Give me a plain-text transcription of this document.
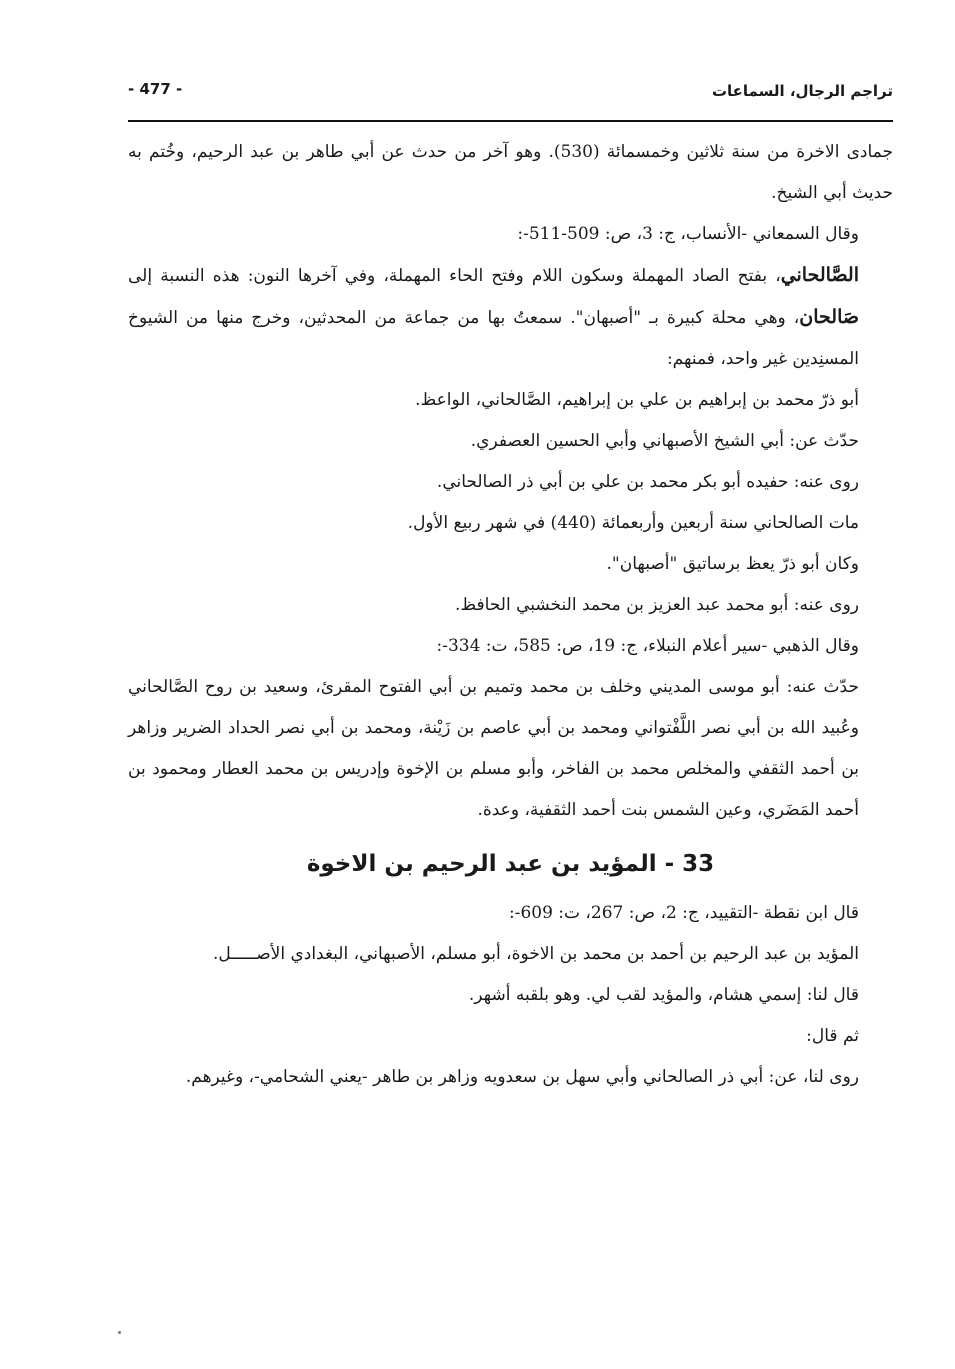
تراجم الرجال، السماعات
- 477 -

جمادى الاخرة من سنة ثلاثين وخمسمائة (530). وهو آخر من حدث عن أبي طاهر بن عبد الرحيم، وخُتم به حديث أبي الشيخ.

وقال السمعاني -الأنساب، ج: 3، ص: 509-511-:

الصَّالحاني، بفتح الصاد المهملة وسكون اللام وفتح الحاء المهملة، وفي آخرها النون: هذه النسبة إلى صَالحان، وهي محلة كبيرة بـ "أصبهان". سمعتُ بها من جماعة من المحدثين، وخرج منها من الشيوخ المسنِدين غير واحد، فمنهم:

أبو ذرّ محمد بن إبراهيم بن علي بن إبراهيم، الصَّالحاني، الواعظ.

حدّث عن: أبي الشيخ الأصبهاني وأبي الحسين العصفري.

روى عنه: حفيده أبو بكر محمد بن علي بن أبي ذر الصالحاني.

مات الصالحاني سنة أربعين وأربعمائة (440) في شهر ربيع الأول.

وكان أبو ذرّ يعظ برساتيق "أصبهان".

روى عنه: أبو محمد عبد العزيز بن محمد النخشبي الحافظ.

وقال الذهبي -سير أعلام النبلاء، ج: 19، ص: 585، ت: 334-:

حدّث عنه: أبو موسى المديني وخلف بن محمد وتميم بن أبي الفتوح المقرئ، وسعيد بن روح الصَّالحاني وعُبيد الله بن أبي نصر اللَّفْتواني ومحمد بن أبي عاصم بن زَيْنة، ومحمد بن أبي نصر الحداد الضرير وزاهر بن أحمد الثقفي والمخلص محمد بن الفاخر، وأبو مسلم بن الإخوة وإدريس بن محمد العطار ومحمود بن أحمد المَضَري، وعين الشمس بنت أحمد الثقفية، وعدة.

33 - المؤيد بن عبد الرحيم بن الاخوة

قال ابن نقطة -التقييد، ج: 2، ص: 267، ت: 609-:

المؤيد بن عبد الرحيم بن أحمد بن محمد بن الاخوة، أبو مسلم، الأصبهاني، البغدادي الأصـــــل.

قال لنا: إسمي هشام، والمؤيد لقب لي. وهو بلقبه أشهر.

ثم قال:

روى لنا، عن: أبي ذر الصالحاني وأبي سهل بن سعدويه وزاهر بن طاهر -يعني الشحامي-، وغيرهم.
